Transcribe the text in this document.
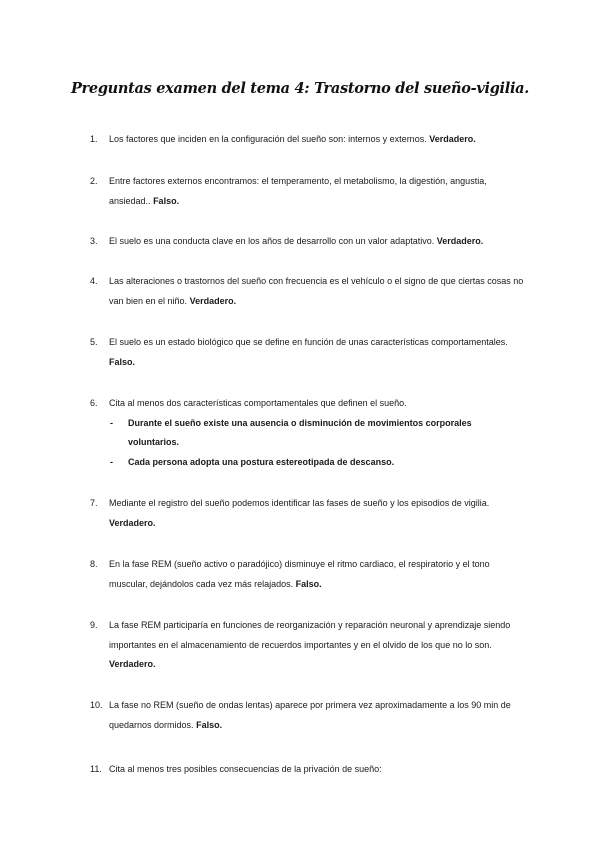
Preguntas examen del tema 4: Trastorno del sueño-vigilia.
1. Los factores que inciden en la configuración del sueño son: internos y externos. Verdadero.
2. Entre factores externos encontramos: el temperamento, el metabolismo, la digestión, angustia, ansiedad.. Falso.
3. El suelo es una conducta clave en los años de desarrollo con un valor adaptativo. Verdadero.
4. Las alteraciones o trastornos del sueño con frecuencia es el vehículo o el signo de que ciertas cosas no van bien en el niño. Verdadero.
5. El suelo es un estado biológico que se define en función de unas características comportamentales. Falso.
6. Cita al menos dos características comportamentales que definen el sueño.
- Durante el sueño existe una ausencia o disminución de movimientos corporales voluntarios.
- Cada persona adopta una postura estereotipada de descanso.
7. Mediante el registro del sueño podemos identificar las fases de sueño y los episodios de vigilia. Verdadero.
8. En la fase REM (sueño activo o paradójico) disminuye el ritmo cardiaco, el respiratorio y el tono muscular, dejándolos cada vez más relajados. Falso.
9. La fase REM participaría en funciones de reorganización y reparación neuronal y aprendizaje siendo importantes en el almacenamiento de recuerdos importantes y en el olvido de los que no lo son. Verdadero.
10. La fase no REM (sueño de ondas lentas) aparece por primera vez aproximadamente a los 90 min de quedarnos dormidos. Falso.
11. Cita al menos tres posibles consecuencias de la privación de sueño:
